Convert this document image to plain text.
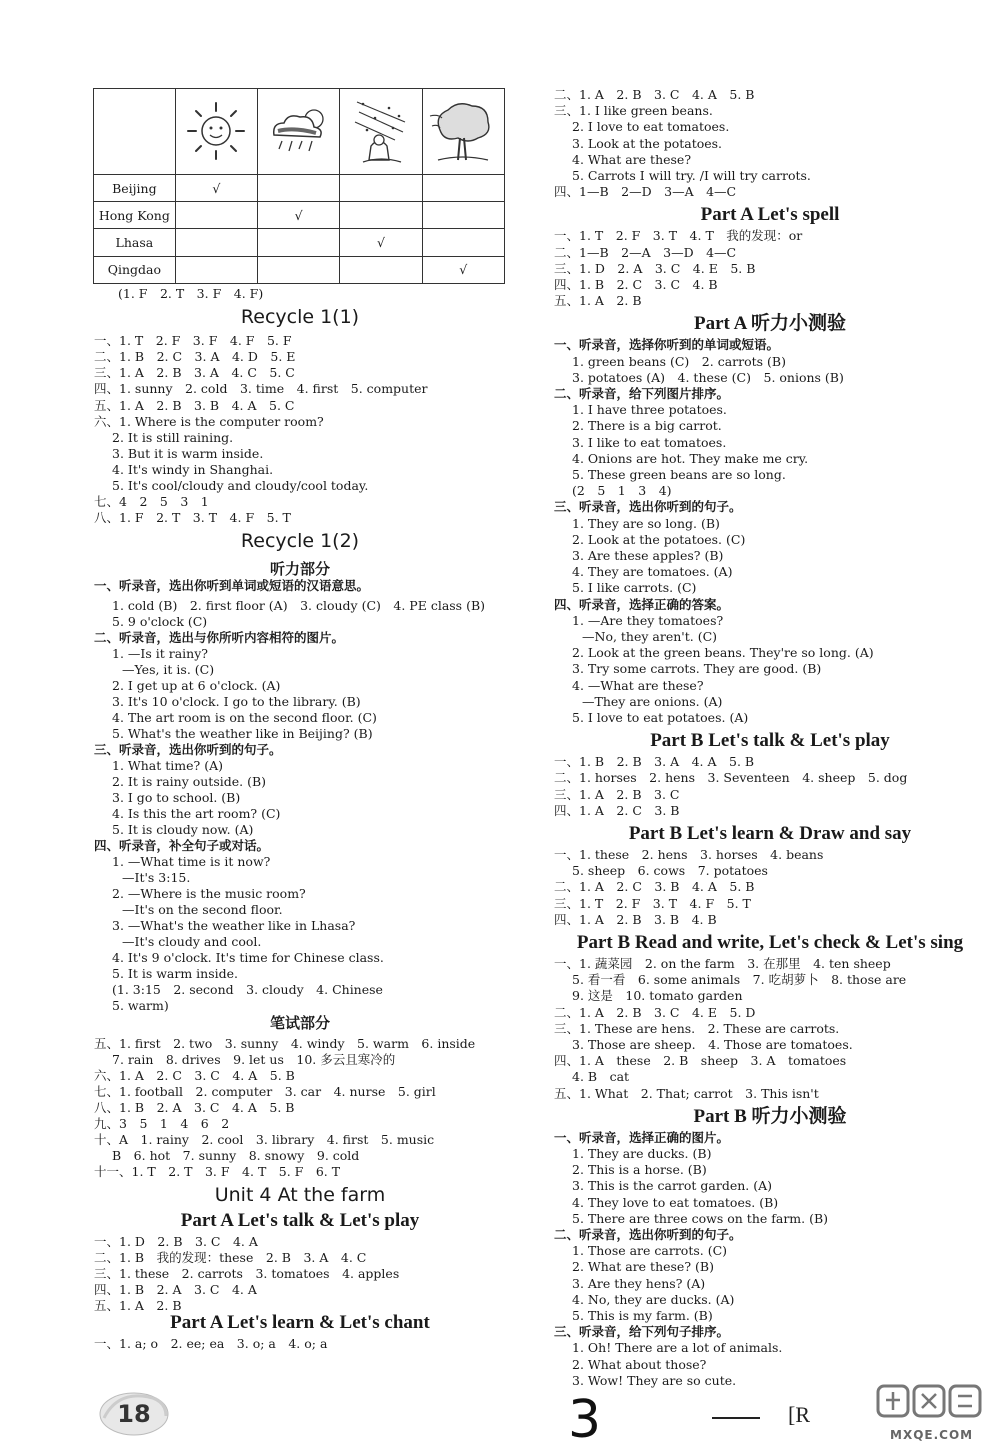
Beijing	√			
Hong Kong		√		
Lhasa			√	
Qingdao				√
(1. F　2. T　3. F　4. F)
Recycle 1(1)
一、1. T　2. F　3. F　4. F　5. F
二、1. B　2. C　3. A　4. D　5. E
三、1. A　2. B　3. A　4. C　5. C
四、1. sunny　2. cold　3. time　4. first　5. computer
五、1. A　2. B　3. B　4. A　5. C
六、1. Where is the computer room?
2. It is still raining.
3. But it is warm inside.
4. It's windy in Shanghai.
5. It's cool/cloudy and cloudy/cool today.
七、4　2　5　3　1
八、1. F　2. T　3. T　4. F　5. T
Recycle 1(2)
听力部分
一、听录音，选出你听到单词或短语的汉语意思。
1. cold (B)　2. first floor (A)　3. cloudy (C)　4. PE class (B)
5. 9 o'clock (C)
二、听录音，选出与你所听内容相符的图片。
1. —Is it rainy?
—Yes, it is. (C)
2. I get up at 6 o'clock. (A)
3. It's 10 o'clock. I go to the library. (B)
4. The art room is on the second floor. (C)
5. What's the weather like in Beijing? (B)
三、听录音，选出你听到的句子。
1. What time? (A)
2. It is rainy outside. (B)
3. I go to school. (B)
4. Is this the art room? (C)
5. It is cloudy now. (A)
四、听录音，补全句子或对话。
1. —What time is it now?
—It's 3:15.
2. —Where is the music room?
—It's on the second floor.
3. —What's the weather like in Lhasa?
—It's cloudy and cool.
4. It's 9 o'clock. It's time for Chinese class.
5. It is warm inside.
(1. 3:15　2. second　3. cloudy　4. Chinese
5. warm)
笔试部分
五、1. first　2. two　3. sunny　4. windy　5. warm　6. inside
7. rain　8. drives　9. let us　10. 多云且寒冷的
六、1. A　2. C　3. C　4. A　5. B
七、1. football　2. computer　3. car　4. nurse　5. girl
八、1. B　2. A　3. C　4. A　5. B
九、3　5　1　4　6　2
十、A　1. rainy　2. cool　3. library　4. first　5. music
B　6. hot　7. sunny　8. snowy　9. cold
十一、1. T　2. T　3. F　4. T　5. F　6. T
Unit 4 At the farm
Part A Let's talk & Let's play
一、1. D　2. B　3. C　4. A
二、1. B　我的发现：these　2. B　3. A　4. C
三、1. these　2. carrots　3. tomatoes　4. apples
四、1. B　2. A　3. C　4. A
五、1. A　2. B
Part A Let's learn & Let's chant
一、1. a; o　2. ee; ea　3. o; a　4. o; a
二、1. A　2. B　3. C　4. A　5. B
三、1. I like green beans.
2. I love to eat tomatoes.
3. Look at the potatoes.
4. What are these?
5. Carrots I will try. /I will try carrots.
四、1—B　2—D　3—A　4—C
Part A Let's spell
一、1. T　2. F　3. T　4. T　我的发现：or
二、1—B　2—A　3—D　4—C
三、1. D　2. A　3. C　4. E　5. B
四、1. B　2. C　3. C　4. B
五、1. A　2. B
Part A 听力小测验
一、听录音，选择你听到的单词或短语。
1. green beans (C)　2. carrots (B)
3. potatoes (A)　4. these (C)　5. onions (B)
二、听录音，给下列图片排序。
1. I have three potatoes.
2. There is a big carrot.
3. I like to eat tomatoes.
4. Onions are hot. They make me cry.
5. These green beans are so long.
(2　5　1　3　4)
三、听录音，选出你听到的句子。
1. They are so long. (B)
2. Look at the potatoes. (C)
3. Are these apples? (B)
4. They are tomatoes. (A)
5. I like carrots. (C)
四、听录音，选择正确的答案。
1. —Are they tomatoes?
—No, they aren't. (C)
2. Look at the green beans. They're so long. (A)
3. Try some carrots. They are good. (B)
4. —What are these?
—They are onions. (A)
5. I love to eat potatoes. (A)
Part B Let's talk & Let's play
一、1. B　2. B　3. A　4. A　5. B
二、1. horses　2. hens　3. Seventeen　4. sheep　5. dog
三、1. A　2. B　3. C
四、1. A　2. C　3. B
Part B Let's learn & Draw and say
一、1. these　2. hens　3. horses　4. beans
5. sheep　6. cows　7. potatoes
二、1. A　2. C　3. B　4. A　5. B
三、1. T　2. F　3. T　4. F　5. T
四、1. A　2. B　3. B　4. B
Part B Read and write, Let's check & Let's sing
一、1. 蔬菜园　2. on the farm　3. 在那里　4. ten sheep
5. 看一看　6. some animals　7. 吃胡萝卜　8. those are
9. 这是　10. tomato garden
二、1. A　2. B　3. C　4. E　5. D
三、1. These are hens.　2. These are carrots.
3. Those are sheep.　4. Those are tomatoes.
四、1. A　these　2. B　sheep　3. A　tomatoes
4. B　cat
五、1. What　2. That; carrot　3. This isn't
Part B 听力小测验
一、听录音，选择正确的图片。
1. They are ducks. (B)
2. This is a horse. (B)
3. This is the carrot garden. (A)
4. They love to eat tomatoes. (B)
5. There are three cows on the farm. (B)
二、听录音，选出你听到的句子。
1. Those are carrots. (C)
2. What are these? (B)
3. Are they hens? (A)
4. No, they are ducks. (A)
5. This is my farm. (B)
三、听录音，给下列句子排序。
1. Oh! There are a lot of animals.
2. What about those?
3. Wow! They are so cute.
18	3	[R
MXQE.COM
